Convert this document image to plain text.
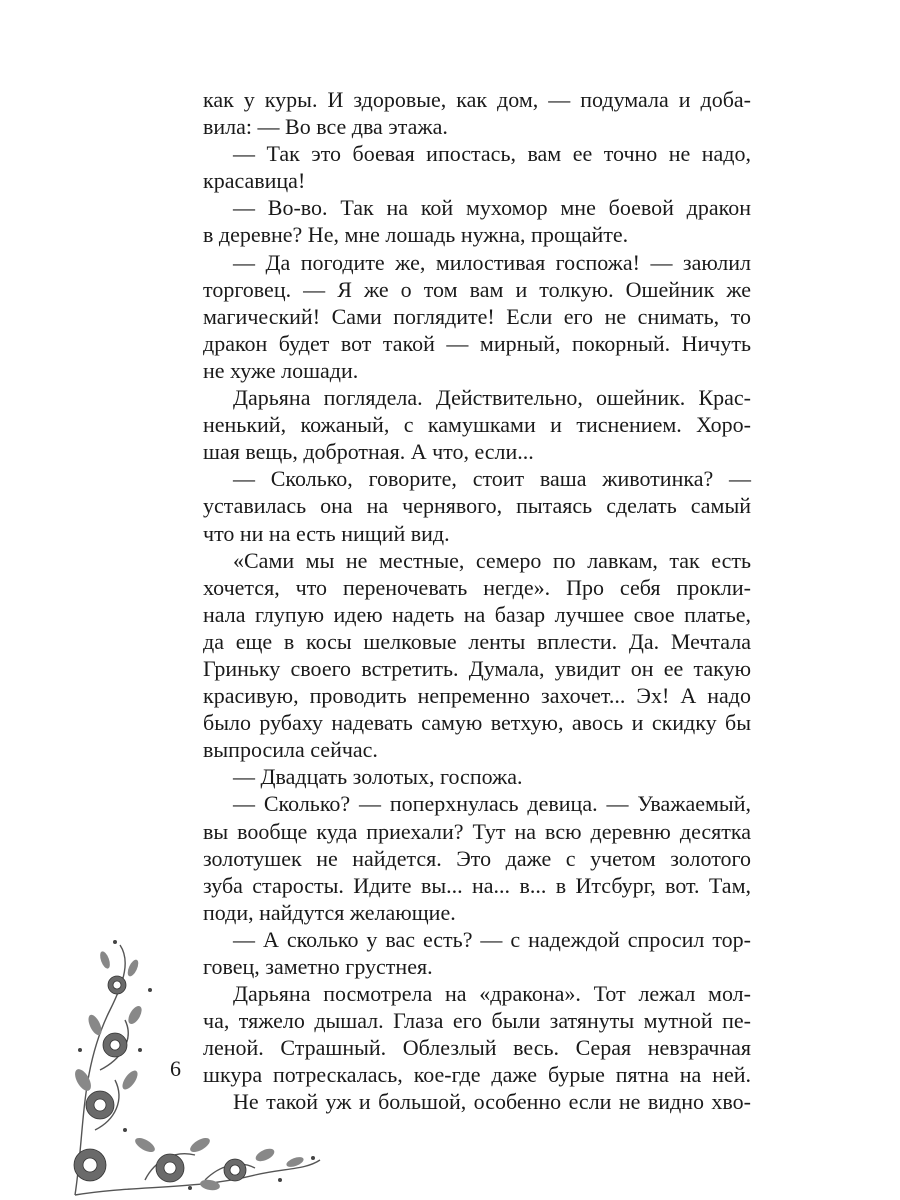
как у куры. И здоровые, как дом, — подумала и доба-
вила: — Во все два этажа.
— Так это боевая ипостась, вам ее точно не надо,
красавица!
— Во-во. Так на кой мухомор мне боевой дракон
в деревне? Не, мне лошадь нужна, прощайте.
— Да погодите же, милостивая госпожа! — заюлил
торговец. — Я же о том вам и толкую. Ошейник же
магический! Сами поглядите! Если его не снимать, то
дракон будет вот такой — мирный, покорный. Ничуть
не хуже лошади.
Дарьяна поглядела. Действительно, ошейник. Крас-
ненький, кожаный, с камушками и тиснением. Хоро-
шая вещь, добротная. А что, если...
— Сколько, говорите, стоит ваша животинка? —
уставилась она на чернявого, пытаясь сделать самый
что ни на есть нищий вид.
«Сами мы не местные, семеро по лавкам, так есть
хочется, что переночевать негде». Про себя прокли-
нала глупую идею надеть на базар лучшее свое платье,
да еще в косы шелковые ленты вплести. Да. Мечтала
Гриньку своего встретить. Думала, увидит он ее такую
красивую, проводить непременно захочет... Эх! А надо
было рубаху надевать самую ветхую, авось и скидку бы
выпросила сейчас.
— Двадцать золотых, госпожа.
— Сколько? — поперхнулась девица. — Уважаемый,
вы вообще куда приехали? Тут на всю деревню десятка
золотушек не найдется. Это даже с учетом золотого
зуба старосты. Идите вы... на... в... в Итсбург, вот. Там,
поди, найдутся желающие.
— А сколько у вас есть? — с надеждой спросил тор-
говец, заметно грустнея.
Дарьяна посмотрела на «дракона». Тот лежал мол-
ча, тяжело дышал. Глаза его были затянуты мутной пе-
леной. Страшный. Облезлый весь. Серая невзрачная
шкура потрескалась, кое-где даже бурые пятна на ней.
Не такой уж и большой, особенно если не видно хво-
6
